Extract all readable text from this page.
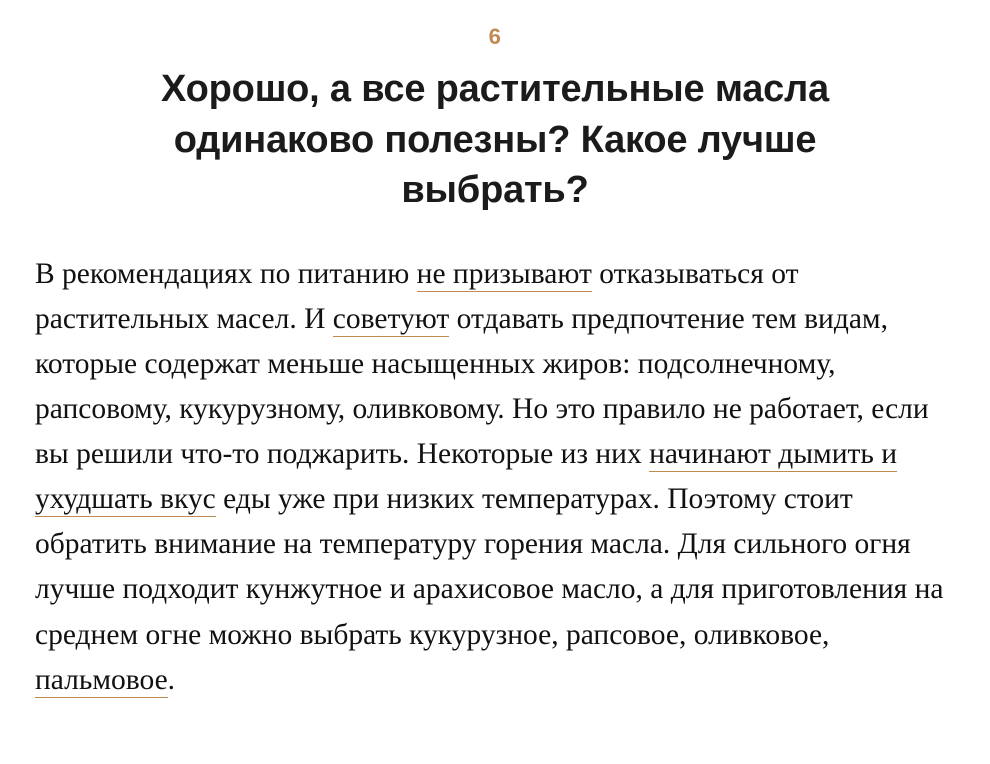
6
Хорошо, а все растительные масла одинаково полезны? Какое лучше выбрать?

В рекомендациях по питанию не призывают отказываться от растительных масел. И советуют отдавать предпочтение тем видам, которые содержат меньше насыщенных жиров: подсолнечному, рапсовому, кукурузному, оливковому. Но это правило не работает, если вы решили что-то поджарить. Некоторые из них начинают дымить и ухудшать вкус еды уже при низких температурах. Поэтому стоит обратить внимание на температуру горения масла. Для сильного огня лучше подходит кунжутное и арахисовое масло, а для приготовления на среднем огне можно выбрать кукурузное, рапсовое, оливковое, пальмовое.
